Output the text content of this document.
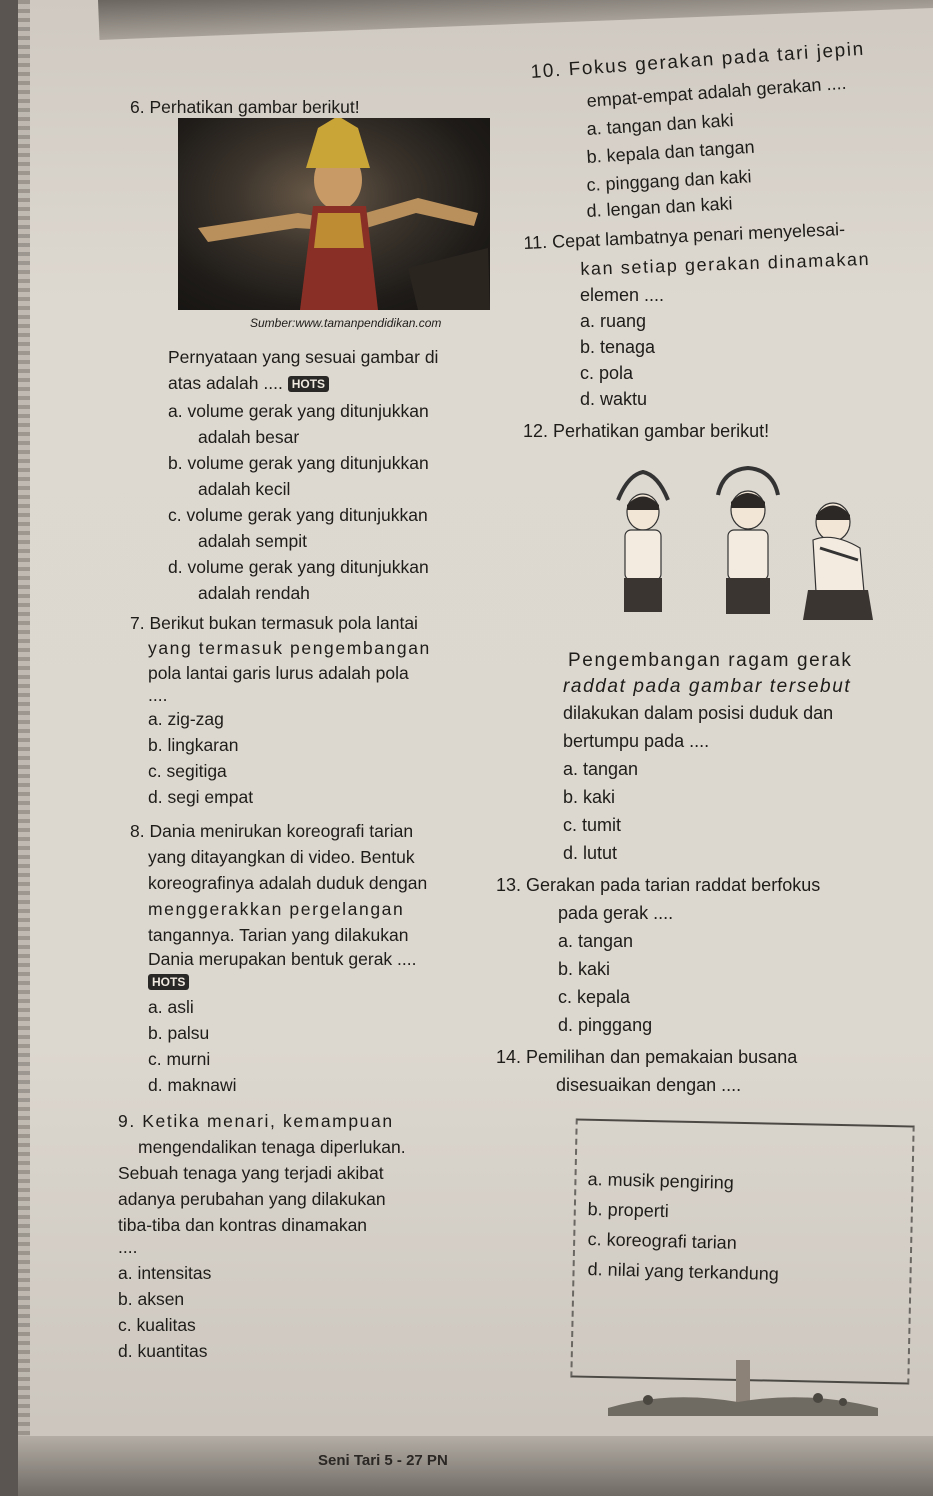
6. Perhatikan gambar berikut!
Sumber:www.tamanpendidikan.com
Pernyataan yang sesuai gambar di
atas adalah .... HOTS
a. volume gerak yang ditunjukkan
adalah besar
b. volume gerak yang ditunjukkan
adalah kecil
c. volume gerak yang ditunjukkan
adalah sempit
d. volume gerak yang ditunjukkan
adalah rendah
7. Berikut bukan termasuk pola lantai
yang termasuk pengembangan
pola lantai garis lurus adalah pola
....
a. zig-zag
b. lingkaran
c. segitiga
d. segi empat
8. Dania menirukan koreografi tarian
yang ditayangkan di video. Bentuk
koreografinya adalah duduk dengan
menggerakkan pergelangan
tangannya. Tarian yang dilakukan
Dania merupakan bentuk gerak ....
HOTS
a. asli
b. palsu
c. murni
d. maknawi
9. Ketika menari, kemampuan
mengendalikan tenaga diperlukan.
Sebuah tenaga yang terjadi akibat
adanya perubahan yang dilakukan
tiba-tiba dan kontras dinamakan
....
a. intensitas
b. aksen
c. kualitas
d. kuantitas
10. Fokus gerakan pada tari jepin
empat-empat adalah gerakan ....
a. tangan dan kaki
b. kepala dan tangan
c. pinggang dan kaki
d. lengan dan kaki
11. Cepat lambatnya penari menyelesai-
kan setiap gerakan dinamakan
elemen ....
a. ruang
b. tenaga
c. pola
d. waktu
12. Perhatikan gambar berikut!
Pengembangan ragam gerak
raddat pada gambar tersebut
dilakukan dalam posisi duduk dan
bertumpu pada ....
a. tangan
b. kaki
c. tumit
d. lutut
13. Gerakan pada tarian raddat berfokus
pada gerak ....
a. tangan
b. kaki
c. kepala
d. pinggang
14. Pemilihan dan pemakaian busana
disesuaikan dengan ....
a. musik pengiring
b. properti
c. koreografi tarian
d. nilai yang terkandung
Seni Tari 5 - 27 PN
